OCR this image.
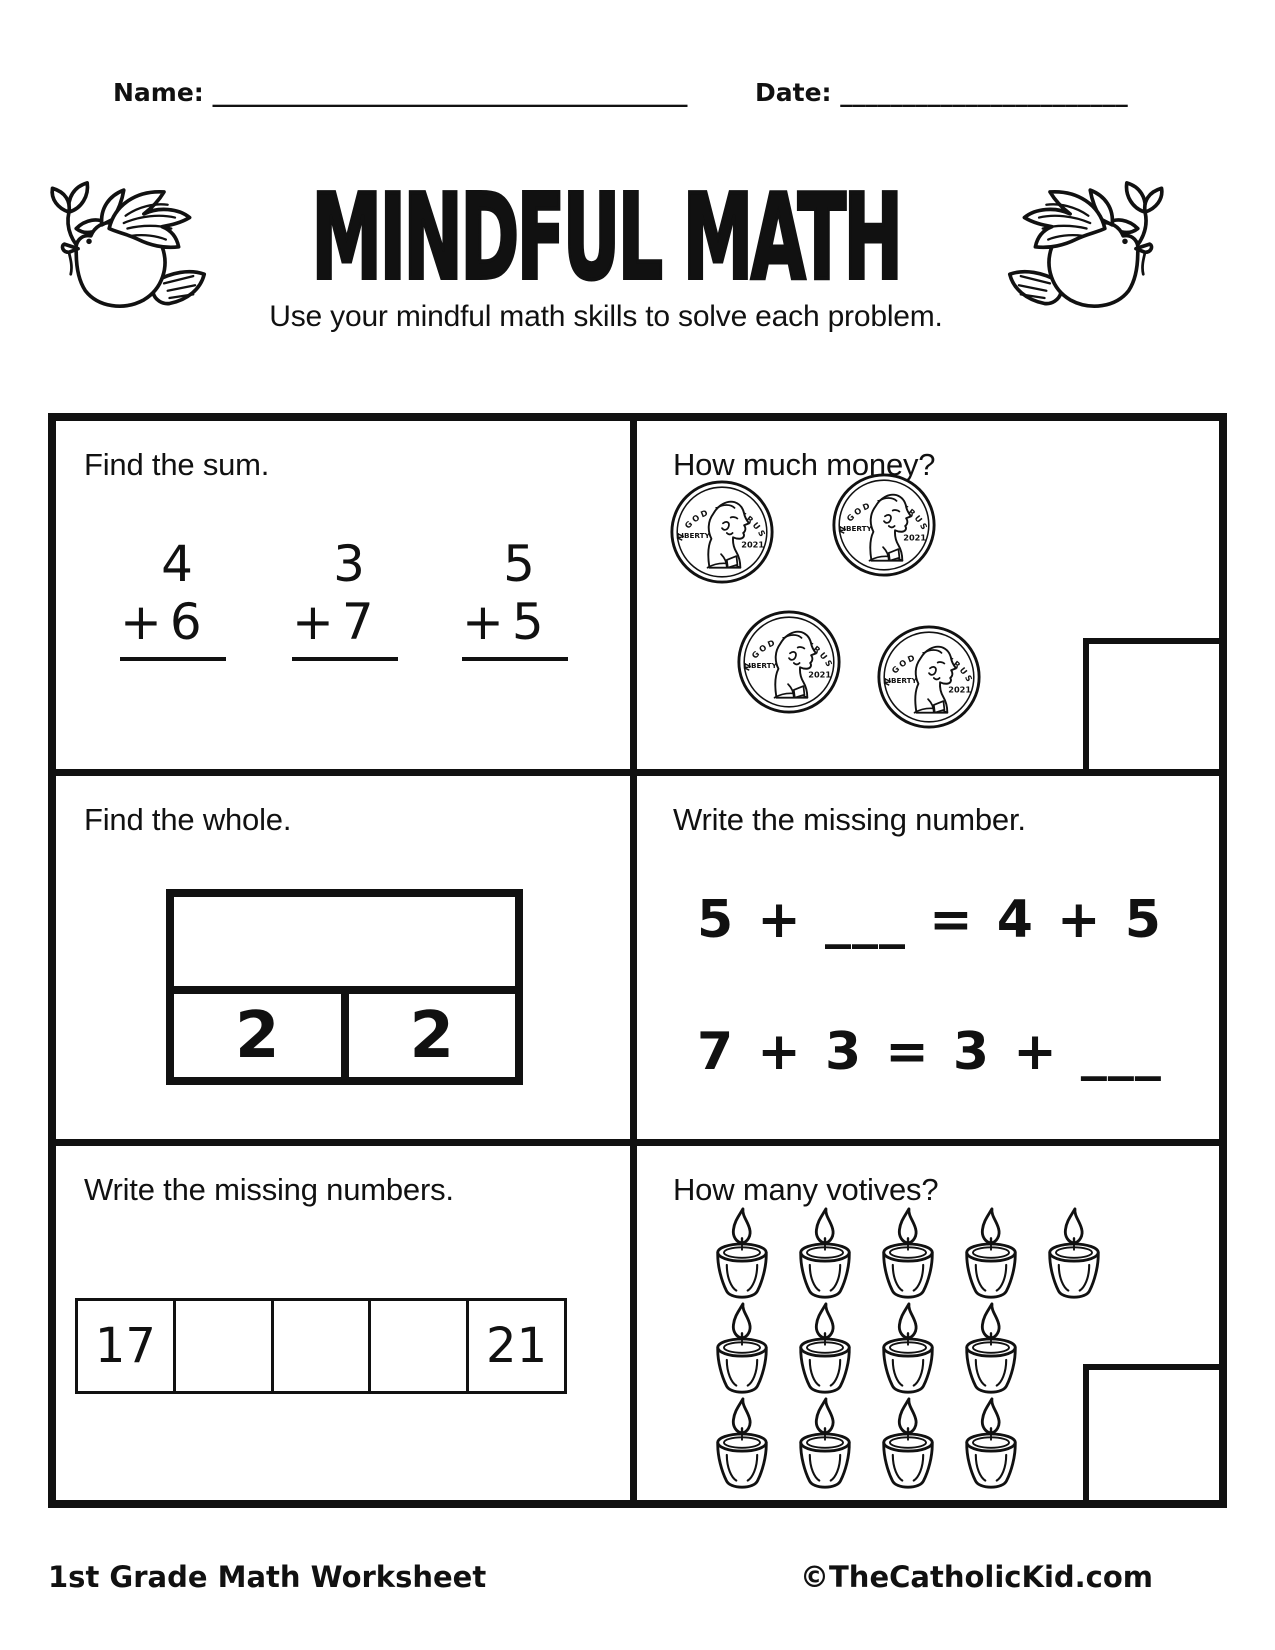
Name: ______________________________________	Date: _______________________
MINDFUL MATH
Use your mindful math skills to solve each problem.
Find the sum.
4
+ 6
3
+ 7
5
+ 5
How much money?
Find the whole.
2	2
Write the missing number.
5 + ___ = 4 + 5
7 + 3 = 3 + ___
Write the missing numbers.
17	21
How many votives?
1st Grade Math Worksheet	©TheCatholicKid.com
